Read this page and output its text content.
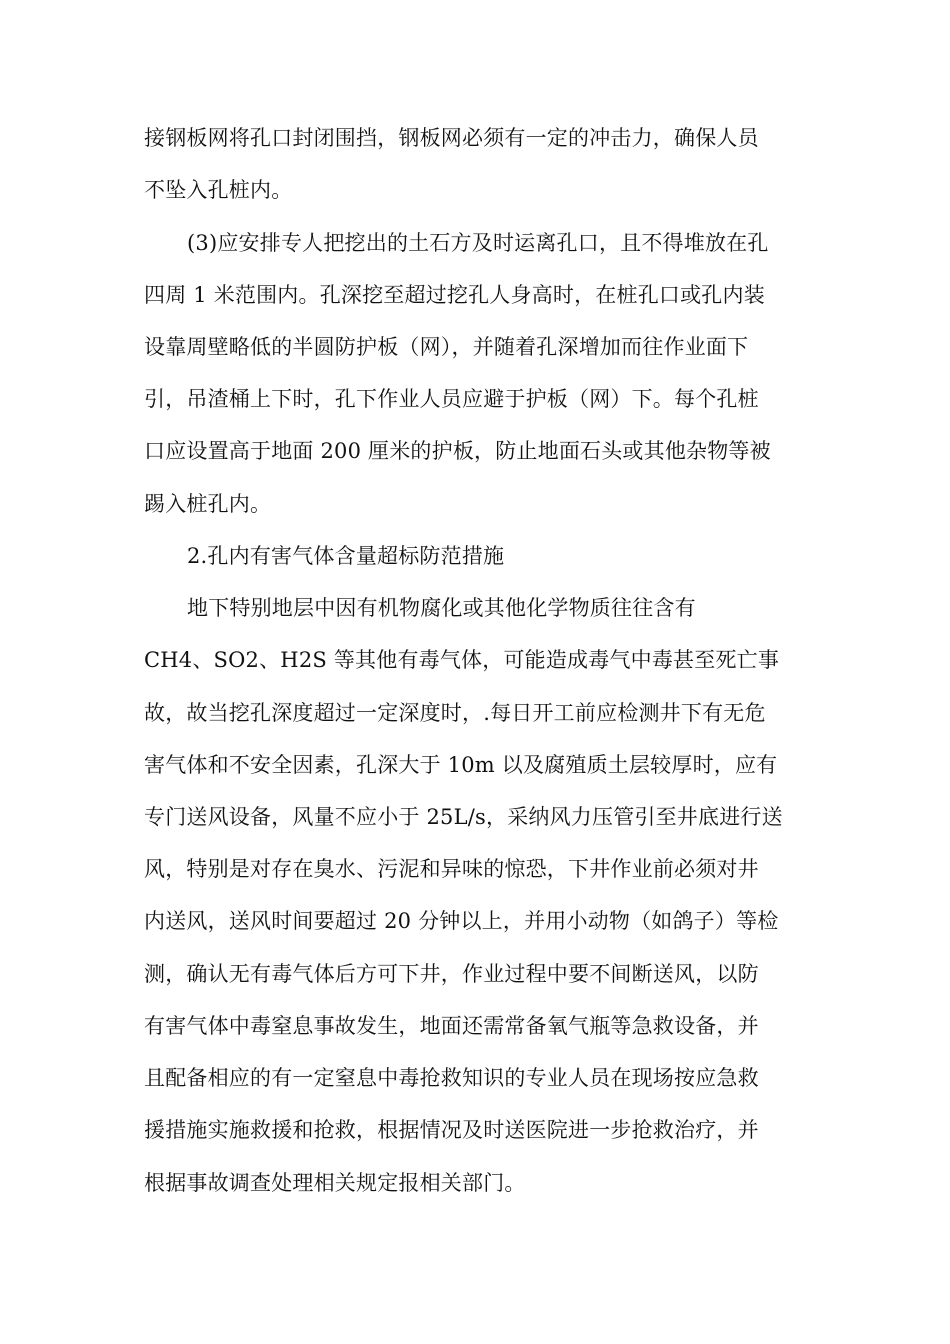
接钢板网将孔口封闭围挡，钢板网必须有一定的冲击力，确保人员
不坠入孔桩内。
(3)应安排专人把挖出的土石方及时运离孔口，且不得堆放在孔
四周 1 米范围内。孔深挖至超过挖孔人身高时，在桩孔口或孔内装
设靠周壁略低的半圆防护板（网），并随着孔深增加而往作业面下
引，吊渣桶上下时，孔下作业人员应避于护板（网）下。每个孔桩
口应设置高于地面 200 厘米的护板，防止地面石头或其他杂物等被
踢入桩孔内。
2.孔内有害气体含量超标防范措施
地下特别地层中因有机物腐化或其他化学物质往往含有
CH4、SO2、H2S 等其他有毒气体，可能造成毒气中毒甚至死亡事
故，故当挖孔深度超过一定深度时，.每日开工前应检测井下有无危
害气体和不安全因素，孔深大于 10m 以及腐殖质土层较厚时，应有
专门送风设备，风量不应小于 25L/s，采纳风力压管引至井底进行送
风，特别是对存在臭水、污泥和异味的惊恐，下井作业前必须对井
内送风，送风时间要超过 20 分钟以上，并用小动物（如鸽子）等检
测，确认无有毒气体后方可下井，作业过程中要不间断送风，以防
有害气体中毒窒息事故发生，地面还需常备氧气瓶等急救设备，并
且配备相应的有一定窒息中毒抢救知识的专业人员在现场按应急救
援措施实施救援和抢救，根据情况及时送医院进一步抢救治疗，并
根据事故调查处理相关规定报相关部门。
